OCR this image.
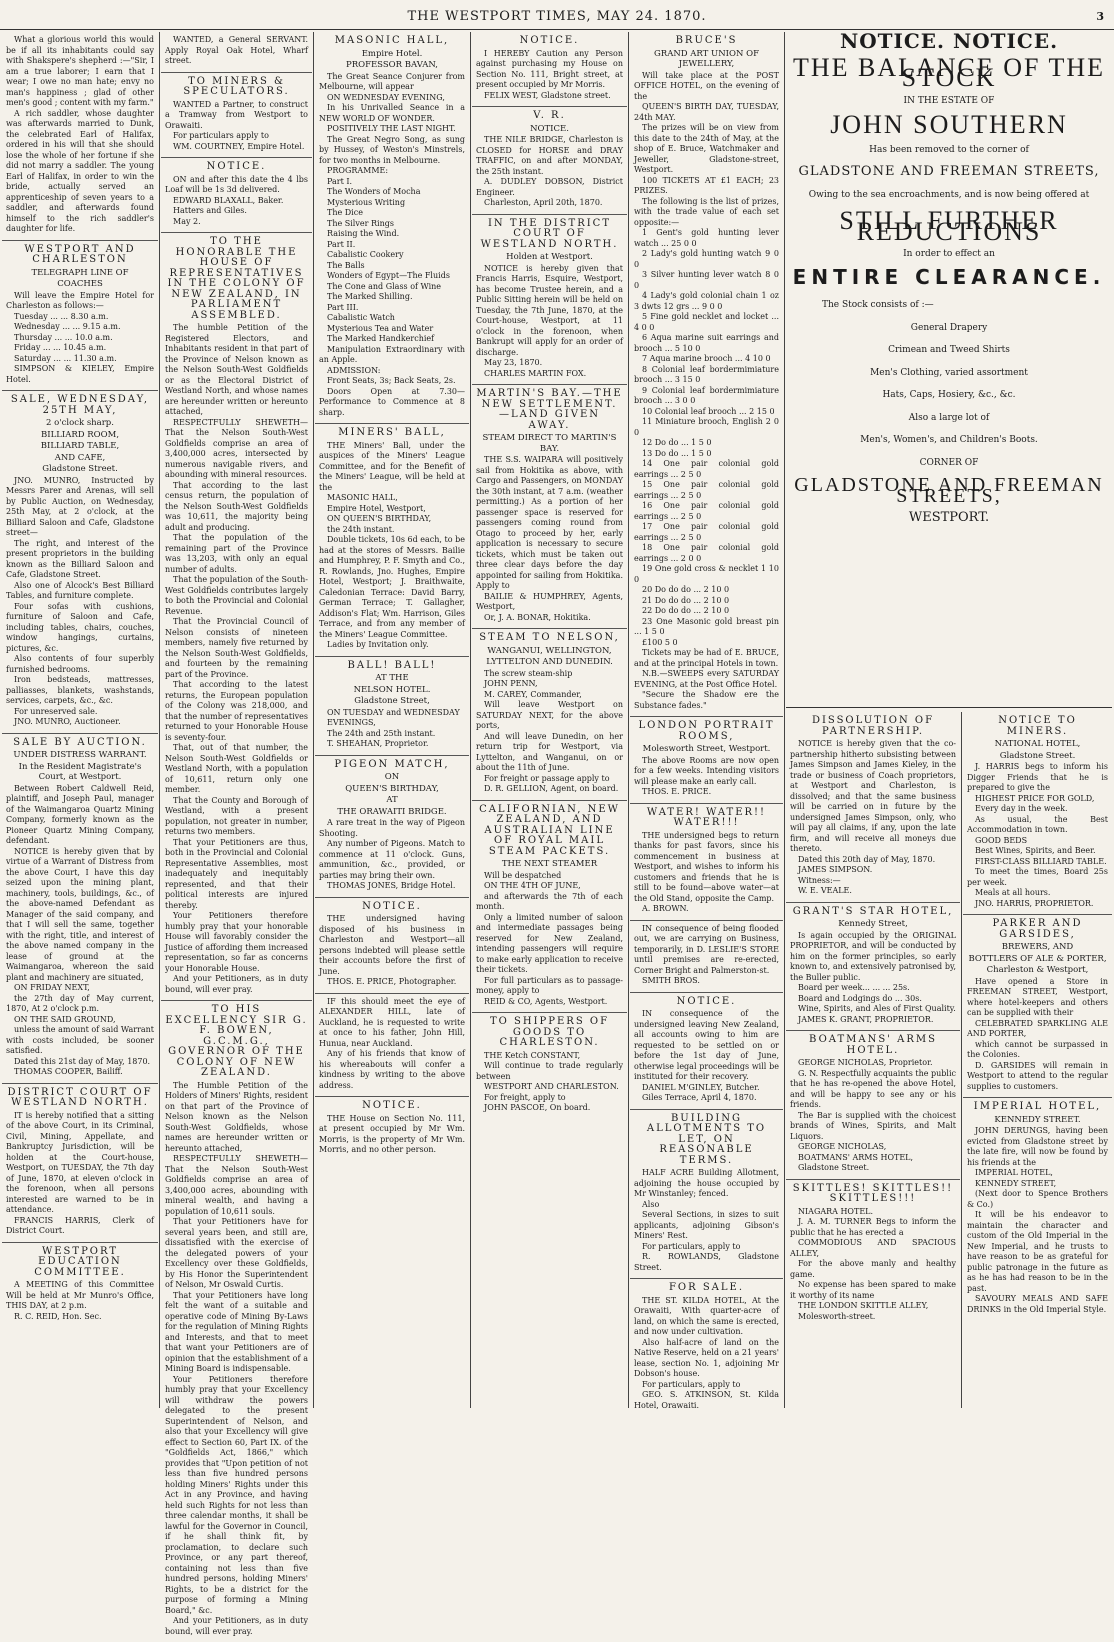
THE WESTPORT TIMES, MAY 24. 1870.	3

What a glorious world this would be if all its inhabitants could say with Shakspere's shepherd :—"Sir, I am a true laborer; I earn that I wear; I owe no man hate; envy no man's happiness ; glad of other men's good ; content with my farm."

A rich saddler, whose daughter was afterwards married to Dunk, the celebrated Earl of Halifax, ordered in his will that she should lose the whole of her fortune if she did not marry a saddler. The young Earl of Halifax, in order to win the bride, actually served an apprenticeship of seven years to a saddler, and afterwards found himself to the rich saddler's daughter for life.

WESTPORT AND CHARLESTON
TELEGRAPH LINE OF
COACHES

Will leave the Empire Hotel for Charleston as follows:—

Tuesday ... ... 8.30 a.m.

Wednesday ... ... 9.15 a.m.

Thursday ... ... 10.0 a.m.

Friday ... ... 10.45 a.m.

Saturday ... ... 11.30 a.m.

SIMPSON & KIELEY, Empire Hotel.

SALE, WEDNESDAY, 25TH MAY,
2 o'clock sharp.
BILLIARD ROOM,
BILLIARD TABLE,
AND CAFE,
Gladstone Street.

JNO. MUNRO, Instructed by Messrs Parer and Arenas, will sell by Public Auction, on Wednesday, 25th May, at 2 o'clock, at the Billiard Saloon and Cafe, Gladstone street—

The right, and interest of the present proprietors in the building known as the Billiard Saloon and Cafe, Gladstone Street.

Also one of Alcock's Best Billiard Tables, and furniture complete.

Four sofas with cushions, furniture of Saloon and Cafe, including tables, chairs, couches, window hangings, curtains, pictures, &c.

Also contents of four superbly furnished bedrooms.

Iron bedsteads, mattresses, palliasses, blankets, washstands, services, carpets, &c., &c.

For unreserved sale.

JNO. MUNRO, Auctioneer.

SALE BY AUCTION.
UNDER DISTRESS WARRANT.
In the Resident Magistrate's Court, at Westport.

Between Robert Caldwell Reid, plaintiff, and Joseph Paul, manager of the Waimangaroa Quartz Mining Company, formerly known as the Pioneer Quartz Mining Company, defendant.

NOTICE is hereby given that by virtue of a Warrant of Distress from the above Court, I have this day seized upon the mining plant, machinery, tools, buildings, &c., of the above-named Defendant as Manager of the said company, and that I will sell the same, together with the right, title, and interest of the above named company in the lease of ground at the Waimangaroa, whereon the said plant and machinery are situated,

ON FRIDAY NEXT,

the 27th day of May current, 1870, At 2 o'clock p.m.

ON THE SAID GROUND,

unless the amount of said Warrant with costs included, be sooner satisfied.

Dated this 21st day of May, 1870.

THOMAS COOPER, Bailiff.

DISTRICT COURT OF WESTLAND NORTH.

IT is hereby notified that a sitting of the above Court, in its Criminal, Civil, Mining, Appellate, and Bankruptcy Jurisdiction, will be holden at the Court-house, Westport, on TUESDAY, the 7th day of June, 1870, at eleven o'clock in the forenoon, when all persons interested are warned to be in attendance.

FRANCIS HARRIS, Clerk of District Court.

WESTPORT EDUCATION COMMITTEE.

A MEETING of this Committee Will be held at Mr Munro's Office, THIS DAY, at 2 p.m.

R. C. REID, Hon. Sec.

WANTED, a General SERVANT. Apply Royal Oak Hotel, Wharf street.

TO MINERS & SPECULATORS.

WANTED a Partner, to construct a Tramway from Westport to Orawaiti.

For particulars apply to

WM. COURTNEY, Empire Hotel.

NOTICE.

ON and after this date the 4 lbs Loaf will be 1s 3d delivered.

EDWARD BLAXALL, Baker.

Hatters and Giles.

May 2.

TO THE HONORABLE THE HOUSE OF REPRESENTATIVES IN THE COLONY OF NEW ZEALAND, IN PARLIAMENT ASSEMBLED.

The humble Petition of the Registered Electors, and Inhabitants resident in that part of the Province of Nelson known as the Nelson South-West Goldfields or as the Electoral District of Westland North, and whose names are hereunder written or hereunto attached,

RESPECTFULLY SHEWETH— That the Nelson South-West Goldfields comprise an area of 3,400,000 acres, intersected by numerous navigable rivers, and abounding with mineral resources.

That according to the last census return, the population of the Nelson South-West Goldfields was 10,611, the majority being adult and producing.

That the population of the remaining part of the Province was 13,203, with only an equal number of adults.

That the population of the South-West Goldfields contributes largely to both the Provincial and Colonial Revenue.

That the Provincial Council of Nelson consists of nineteen members, namely five returned by the Nelson South-West Goldfields, and fourteen by the remaining part of the Province.

That according to the latest returns, the European population of the Colony was 218,000, and that the number of representatives returned to your Honorable House is seventy-four.

That, out of that number, the Nelson South-West Goldfields or Westland North, with a population of 10,611, return only one member.

That the County and Borough of Westland, with a present population, not greater in number, returns two members.

That your Petitioners are thus, both in the Provincial and Colonial Representative Assemblies, most inadequately and inequitably represented, and that their political interests are injured thereby.

Your Petitioners therefore humbly pray that your honorable House will favorably consider the Justice of affording them increased representation, so far as concerns your Honorable House.

And your Petitioners, as in duty bound, will ever pray.

TO HIS EXCELLENCY SIR G. F. BOWEN, G.C.M.G., GOVERNOR OF THE COLONY OF NEW ZEALAND.

The Humble Petition of the Holders of Miners' Rights, resident on that part of the Province of Nelson known as the Nelson South-West Goldfields, whose names are hereunder written or hereunto attached,

RESPECTFULLY SHEWETH— That the Nelson South-West Goldfields comprise an area of 3,400,000 acres, abounding with mineral wealth, and having a population of 10,611 souls.

That your Petitioners have for several years been, and still are, dissatisfied with the exercise of the delegated powers of your Excellency over these Goldfields, by His Honor the Superintendent of Nelson, Mr Oswald Curtis.

That your Petitioners have long felt the want of a suitable and operative code of Mining By-Laws for the regulation of Mining Rights and Interests, and that to meet that want your Petitioners are of opinion that the establishment of a Mining Board is indispensable.

Your Petitioners therefore humbly pray that your Excellency will withdraw the powers delegated to the present Superintendent of Nelson, and also that your Excellency will give effect to Section 60, Part IX. of the "Goldfields Act, 1866," which provides that "Upon petition of not less than five hundred persons holding Miners' Rights under this Act in any Province, and having held such Rights for not less than three calendar months, it shall be lawful for the Governor in Council, if he shall think fit, by proclamation, to declare such Province, or any part thereof, containing not less than five hundred persons, holding Miners' Rights, to be a district for the purpose of forming a Mining Board," &c.

And your Petitioners, as in duty bound, will ever pray.

MASONIC HALL,
Empire Hotel.
PROFESSOR BAVAN,

The Great Seance Conjurer from Melbourne, will appear

ON WEDNESDAY EVENING,

In his Unrivalled Seance in a NEW WORLD OF WONDER.

POSITIVELY THE LAST NIGHT.

The Great Negro Song, as sung by Hussey, of Weston's Minstrels, for two months in Melbourne.

PROGRAMME:

Part I.

The Wonders of Mocha

Mysterious Writing

The Dice

The Silver Rings

Raising the Wind.

Part II.

Cabalistic Cookery

The Balls

Wonders of Egypt—The Fluids

The Cone and Glass of Wine

The Marked Shilling.

Part III.

Cabalistic Watch

Mysterious Tea and Water

The Marked Handkerchief

Manipulation Extraordinary with an Apple.

ADMISSION:

Front Seats, 3s; Back Seats, 2s.

Doors Open at 7.30—Performance to Commence at 8 sharp.

MINERS' BALL,

THE Miners' Ball, under the auspices of the Miners' League Committee, and for the Benefit of the Miners' League, will be held at the

MASONIC HALL,

Empire Hotel, Westport,

ON QUEEN'S BIRTHDAY,

the 24th instant.

Double tickets, 10s 6d each, to be had at the stores of Messrs. Bailie and Humphrey, P. F. Smyth and Co., R. Rowlands, Jno. Hughes, Empire Hotel, Westport; J. Braithwaite, Caledonian Terrace: David Barry, German Terrace; T. Gallagher, Addison's Flat; Wm. Harrison, Giles Terrace, and from any member of the Miners' League Committee.

Ladies by Invitation only.

BALL! BALL!
AT THE
NELSON HOTEL.
Gladstone Street,

ON TUESDAY and WEDNESDAY

EVENINGS,

The 24th and 25th instant.

T. SHEAHAN, Proprietor.

PIGEON MATCH,
ON
QUEEN'S BIRTHDAY,
AT
THE ORAWAITI BRIDGE.

A rare treat in the way of Pigeon Shooting.

Any number of Pigeons. Match to commence at 11 o'clock. Guns, ammunition, &c., provided, or parties may bring their own.

THOMAS JONES, Bridge Hotel.

NOTICE.

THE undersigned having disposed of his business in Charleston and Westport—all persons indebted will please settle their accounts before the first of June.

THOS. E. PRICE, Photographer.

IF this should meet the eye of ALEXANDER HILL, late of Auckland, he is requested to write at once to his father, John Hill, Hunua, near Auckland.

Any of his friends that know of his whereabouts will confer a kindness by writing to the above address.

NOTICE.

THE House on Section No. 111, at present occupied by Mr Wm. Morris, is the property of Mr Wm. Morris, and no other person.

NOTICE.

I HEREBY Caution any Person against purchasing my House on Section No. 111, Bright street, at present occupied by Mr Morris.

FELIX WEST, Gladstone street.

V. R.
NOTICE.

THE NILE BRIDGE, Charleston is CLOSED for HORSE and DRAY TRAFFIC, on and after MONDAY, the 25th instant.

A. DUDLEY DOBSON, District Engineer.

Charleston, April 20th, 1870.

IN THE DISTRICT COURT OF WESTLAND NORTH.
Holden at Westport.

NOTICE is hereby given that Francis Harris, Esquire, Westport, has become Trustee herein, and a Public Sitting herein will be held on Tuesday, the 7th June, 1870, at the Court-house, Westport, at 11 o'clock in the forenoon, when Bankrupt will apply for an order of discharge.

May 23, 1870.

CHARLES MARTIN FOX.

MARTIN'S BAY.—THE NEW SETTLEMENT.—LAND GIVEN AWAY.
STEAM DIRECT TO MARTIN'S BAY.

THE S.S. WAIPARA will positively sail from Hokitika as above, with Cargo and Passengers, on MONDAY the 30th instant, at 7 a.m. (weather permitting.) As a portion of her passenger space is reserved for passengers coming round from Otago to proceed by her, early application is necessary to secure tickets, which must be taken out three clear days before the day appointed for sailing from Hokitika. Apply to

BAILIE & HUMPHREY, Agents, Westport,

Or, J. A. BONAR, Hokitika.

STEAM TO NELSON,
WANGANUI, WELLINGTON,
LYTTELTON AND DUNEDIN.

The screw steam-ship

JOHN PENN,

M. CAREY, Commander,

Will leave Westport on SATURDAY NEXT, for the above ports,

And will leave Dunedin, on her return trip for Westport, via Lyttelton, and Wanganui, on or about the 11th of June.

For freight or passage apply to

D. R. GELLION, Agent, on board.

CALIFORNIAN, NEW ZEALAND, AND AUSTRALIAN LINE OF ROYAL MAIL STEAM PACKETS.
THE NEXT STEAMER

Will be despatched

ON THE 4TH OF JUNE,

and afterwards the 7th of each month.

Only a limited number of saloon and intermediate passages being reserved for New Zealand, intending passengers will require to make early application to receive their tickets.

For full particulars as to passage-money, apply to

REID & CO, Agents, Westport.

TO SHIPPERS OF GOODS TO CHARLESTON.

THE Ketch CONSTANT,

Will continue to trade regularly between

WESTPORT AND CHARLESTON.

For freight, apply to

JOHN PASCOE, On board.

BRUCE'S
GRAND ART UNION OF JEWELLERY,

Will take place at the POST OFFICE HOTEL, on the evening of the

QUEEN'S BIRTH DAY, TUESDAY, 24th MAY.

The prizes will be on view from this date to the 24th of May, at the shop of E. Bruce, Watchmaker and Jeweller, Gladstone-street, Westport.

100 TICKETS AT £1 EACH; 23 PRIZES.

The following is the list of prizes, with the trade value of each set opposite:—

1 Gent's gold hunting lever watch ... 25 0 0

2 Lady's gold hunting watch 9 0 0

3 Silver hunting lever watch 8 0 0

4 Lady's gold colonial chain 1 oz 3 dwts 12 grs ... 9 0 0

5 Fine gold necklet and locket ... 4 0 0

6 Aqua marine suit earrings and brooch ... 5 10 0

7 Aqua marine brooch ... 4 10 0

8 Colonial leaf bordermimiature brooch ... 3 15 0

9 Colonial leaf bordermimiature brooch ... 3 0 0

10 Colonial leaf brooch ... 2 15 0

11 Miniature brooch, English 2 0 0

12 Do do ... 1 5 0

13 Do do ... 1 5 0

14 One pair colonial gold earrings ... 2 5 0

15 One pair colonial gold earrings ... 2 5 0

16 One pair colonial gold earrings ... 2 5 0

17 One pair colonial gold earrings ... 2 5 0

18 One pair colonial gold earrings ... 2 0 0

19 One gold cross & necklet 1 10 0

20 Do do do ... 2 10 0

21 Do do do ... 2 10 0

22 Do do do ... 2 10 0

23 One Masonic gold breast pin ... 1 5 0

£100 5 0

Tickets may be had of E. BRUCE, and at the principal Hotels in town.

N.B.—SWEEPS every SATURDAY EVENING, at the Post Office Hotel.

"Secure the Shadow ere the Substance fades."

LONDON PORTRAIT ROOMS,
Molesworth Street, Westport.

The above Rooms are now open for a few weeks. Intending visitors will please make an early call.

THOS. E. PRICE.

WATER! WATER!! WATER!!!

THE undersigned begs to return thanks for past favors, since his commencement in business at Westport, and wishes to inform his customers and friends that he is still to be found—above water—at the Old Stand, opposite the Camp.

A. BROWN.

IN consequence of being flooded out, we are carrying on Business, temporarily, in D. LESLIE'S STORE until premises are re-erected, Corner Bright and Palmerston-st.

SMITH BROS.

NOTICE.

IN consequence of the undersigned leaving New Zealand, all accounts owing to him are requested to be settled on or before the 1st day of June, otherwise legal proceedings will be instituted for their recovery.

DANIEL M'GINLEY, Butcher.

Giles Terrace, April 4, 1870.

BUILDING ALLOTMENTS TO LET, ON REASONABLE TERMS.

HALF ACRE Building Allotment, adjoining the house occupied by Mr Winstanley; fenced.

Also

Several Sections, in sizes to suit applicants, adjoining Gibson's Miners' Rest.

For particulars, apply to

R. ROWLANDS, Gladstone Street.

FOR SALE.

THE ST. KILDA HOTEL, At the Orawaiti, With quarter-acre of land, on which the same is erected, and now under cultivation.

Also half-acre of land on the Native Reserve, held on a 21 years' lease, section No. 1, adjoining Mr Dobson's house.

For particulars, apply to

GEO. S. ATKINSON, St. Kilda Hotel, Orawaiti.

NOTICE. NOTICE.
THE BALANCE OF THE STOCK
IN THE ESTATE OF
JOHN SOUTHERN
Has been removed to the corner of
GLADSTONE AND FREEMAN STREETS,
Owing to the sea encroachments, and is now being offered at
STILL FURTHER REDUCTIONS
In order to effect an
ENTIRE CLEARANCE.
The Stock consists of :—
General Drapery
Crimean and Tweed Shirts
Men's Clothing, varied assortment
Hats, Caps, Hosiery, &c., &c.
Also a large lot of
Men's, Women's, and Children's Boots.
CORNER OF
GLADSTONE AND FREEMAN STREETS,
WESTPORT.
DISSOLUTION OF PARTNERSHIP.

NOTICE is hereby given that the co-partnership hitherto subsisting between James Simpson and James Kieley, in the trade or business of Coach proprietors, at Westport and Charleston, is dissolved; and that the same business will be carried on in future by the undersigned James Simpson, only, who will pay all claims, if any, upon the late firm, and will receive all moneys due thereto.

Dated this 20th day of May, 1870.

JAMES SIMPSON.

Witness:—

W. E. VEALE.

GRANT'S STAR HOTEL,
Kennedy Street,

Is again occupied by the ORIGINAL PROPRIETOR, and will be conducted by him on the former principles, so early known to, and extensively patronised by, the Buller public.

Board per week... ... ... 25s.

Board and Lodgings do ... 30s.

Wine, Spirits, and Ales of First Quality.

JAMES K. GRANT, PROPRIETOR.

BOATMANS' ARMS HOTEL.

GEORGE NICHOLAS, Proprietor.

G. N. Respectfully acquaints the public that he has re-opened the above Hotel, and will be happy to see any or his friends.

The Bar is supplied with the choicest brands of Wines, Spirits, and Malt Liquors.

GEORGE NICHOLAS,

BOATMANS' ARMS HOTEL,

Gladstone Street.

SKITTLES! SKITTLES!! SKITTLES!!!

NIAGARA HOTEL.

J. A. M. TURNER Begs to inform the public that he has erected a

COMMODIOUS AND SPACIOUS ALLEY,

For the above manly and healthy game.

No expense has been spared to make it worthy of its name

THE LONDON SKITTLE ALLEY,

Molesworth-street.

NOTICE TO MINERS.
NATIONAL HOTEL,
Gladstone Street.

J. HARRIS begs to inform his Digger Friends that he is prepared to give the

HIGHEST PRICE FOR GOLD,

Every day in the week.

As usual, the Best Accommodation in town.

GOOD BEDS

Best Wines, Spirits, and Beer.

FIRST-CLASS BILLIARD TABLE.

To meet the times, Board 25s per week.

Meals at all hours.

JNO. HARRIS, PROPRIETOR.

PARKER AND GARSIDES,
BREWERS, AND
BOTTLERS OF ALE & PORTER,
Charleston & Westport,

Have opened a Store in FREEMAN STREET, Westport, where hotel-keepers and others can be supplied with their

CELEBRATED SPARKLING ALE AND PORTER,

which cannot be surpassed in the Colonies.

D. GARSIDES will remain in Westport to attend to the regular supplies to customers.

IMPERIAL HOTEL,
KENNEDY STREET.

JOHN DERUNGS, having been evicted from Gladstone street by the late fire, will now be found by his friends at the

IMPERIAL HOTEL,

KENNEDY STREET,

(Next door to Spence Brothers & Co.)

It will be his endeavor to maintain the character and custom of the Old Imperial in the New Imperial, and he trusts to have reason to be as grateful for public patronage in the future as as he has had reason to be in the past.

SAVOURY MEALS AND SAFE DRINKS in the Old Imperial Style.
